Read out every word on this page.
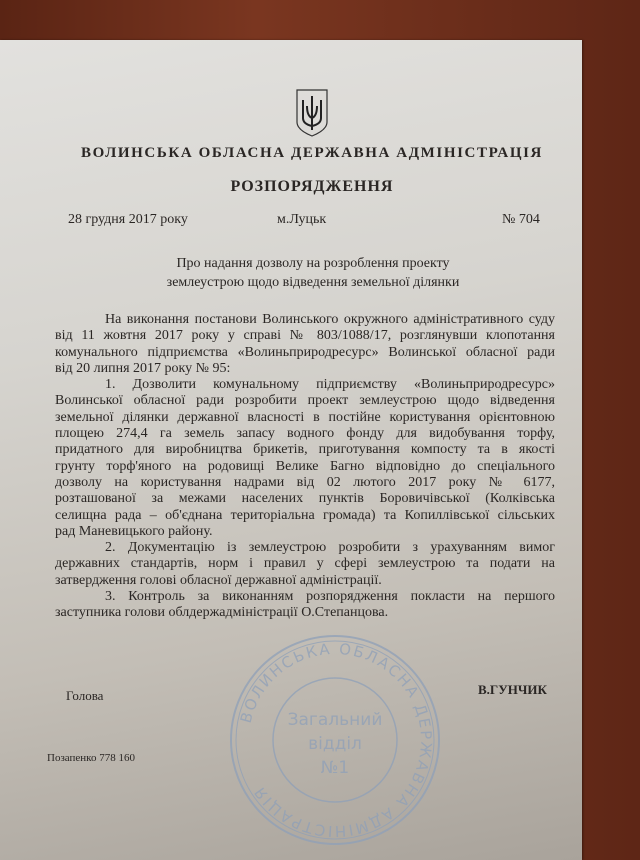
ВОЛИНСЬКА ОБЛАСНА ДЕРЖАВНА АДМІНІСТРАЦІЯ
РОЗПОРЯДЖЕННЯ
28 грудня 2017 року	м.Луцьк	№ 704
Про надання дозволу на розроблення проекту
землеустрою щодо відведення земельної ділянки
На виконання постанови Волинського окружного адміністративного суду
від 11 жовтня 2017 року у справі № 803/1088/17, розглянувши клопотання
комунального підприємства «Волиньприродресурс» Волинської обласної ради
від 20 липня 2017 року № 95:
1. Дозволити комунальному підприємству «Волиньприродресурс»
Волинської обласної ради розробити проект землеустрою щодо відведення
земельної ділянки державної власності в постійне користування орієнтовною
площею 274,4 га земель запасу водного фонду для видобування торфу,
придатного для виробництва брикетів, приготування компосту та в якості
грунту торф'яного на родовищі Велике Багно відповідно до спеціального
дозволу на користування надрами від 02 лютого 2017 року № 6177,
розташованої за межами населених пунктів Боровичівської (Колківська
селищна рада – об'єднана територіальна громада) та Копиллівської сільських
рад Маневицького району.
2. Документацію із землеустрою розробити з урахуванням вимог
державних стандартів, норм і правил у сфері землеустрою та подати на
затвердження голові обласної державної адміністрації.
3. Контроль за виконанням розпорядження покласти на першого
заступника голови облдержадміністрації О.Степанцова.
ВОЛИНСЬКА ОБЛАСНА ДЕРЖАВНА АДМІНІСТРАЦІЯ
Загальний
відділ
№1
Голова	В.ГУНЧИК
Позапенко 778 160
